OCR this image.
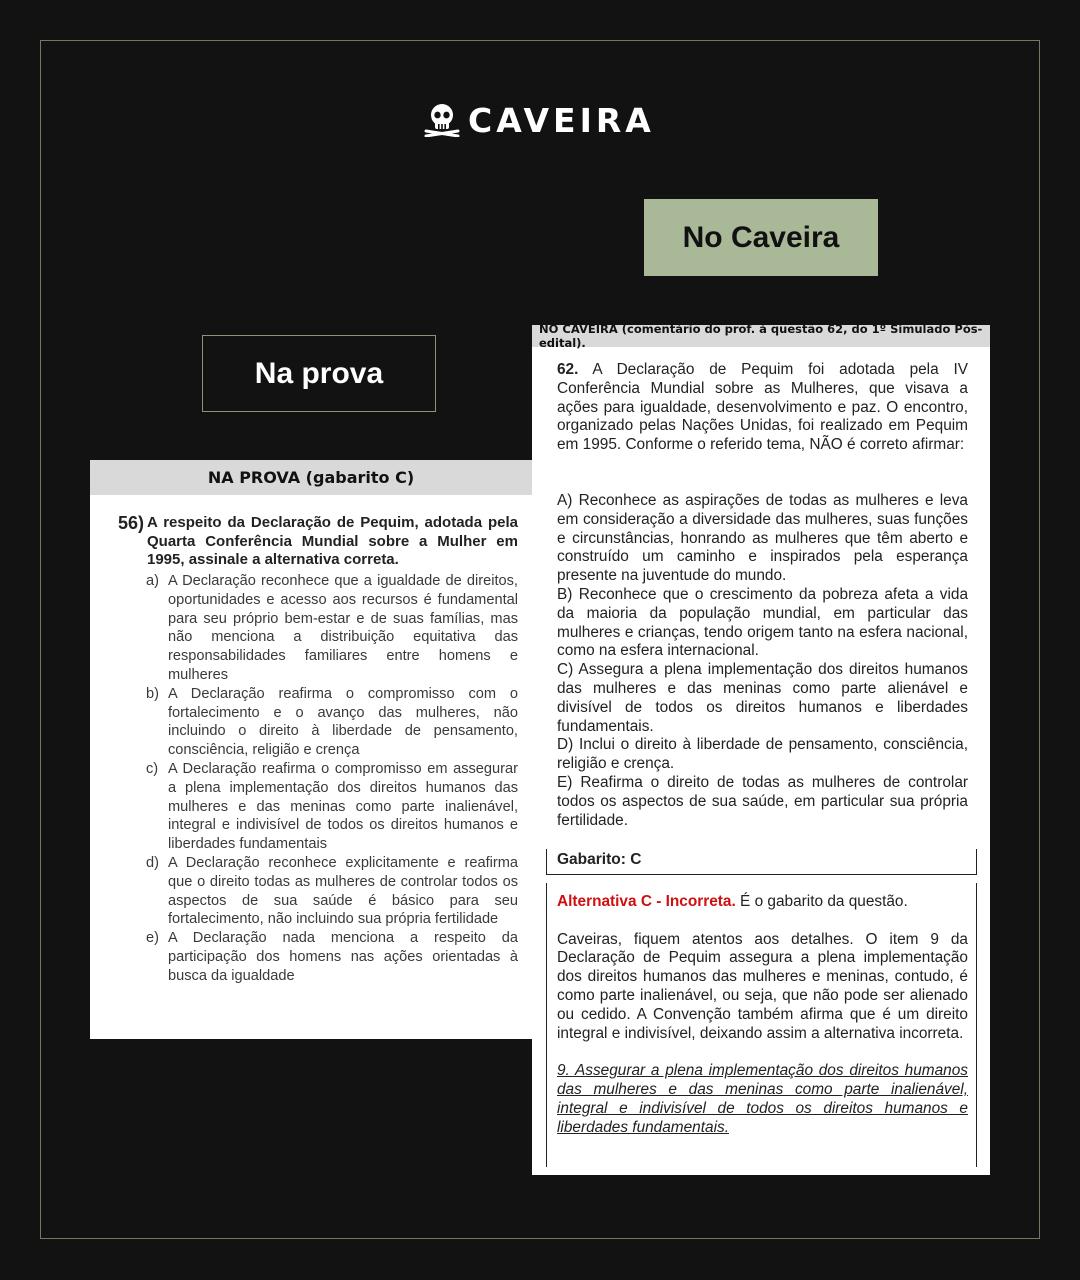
CAVEIRA
No Caveira
Na prova
NA PROVA (gabarito C)
56) A respeito da Declaração de Pequim, adotada pela Quarta Conferência Mundial sobre a Mulher em 1995, assinale a alternativa correta.
a) A Declaração reconhece que a igualdade de direitos, oportunidades e acesso aos recursos é fundamental para seu próprio bem-estar e de suas famílias, mas não menciona a distribuição equitativa das responsabilidades familiares entre homens e mulheres
b) A Declaração reafirma o compromisso com o fortalecimento e o avanço das mulheres, não incluindo o direito à liberdade de pensamento, consciência, religião e crença
c) A Declaração reafirma o compromisso em assegurar a plena implementação dos direitos humanos das mulheres e das meninas como parte inalienável, integral e indivisível de todos os direitos humanos e liberdades fundamentais
d) A Declaração reconhece explicitamente e reafirma que o direito todas as mulheres de controlar todos os aspectos de sua saúde é básico para seu fortalecimento, não incluindo sua própria fertilidade
e) A Declaração nada menciona a respeito da participação dos homens nas ações orientadas à busca da igualdade
NO CAVEIRA (comentário do prof. à questão 62, do 1º Simulado Pós-edital).

62. A Declaração de Pequim foi adotada pela IV Conferência Mundial sobre as Mulheres, que visava a ações para igualdade, desenvolvimento e paz. O encontro, organizado pelas Nações Unidas, foi realizado em Pequim em 1995. Conforme o referido tema, NÃO é correto afirmar:

A) Reconhece as aspirações de todas as mulheres e leva em consideração a diversidade das mulheres, suas funções e circunstâncias, honrando as mulheres que têm aberto e construído um caminho e inspirados pela esperança presente na juventude do mundo.

B) Reconhece que o crescimento da pobreza afeta a vida da maioria da população mundial, em particular das mulheres e crianças, tendo origem tanto na esfera nacional, como na esfera internacional.

C) Assegura a plena implementação dos direitos humanos das mulheres e das meninas como parte alienável e divisível de todos os direitos humanos e liberdades fundamentais.

D) Inclui o direito à liberdade de pensamento, consciência, religião e crença.

E) Reafirma o direito de todas as mulheres de controlar todos os aspectos de sua saúde, em particular sua própria fertilidade.

Gabarito: C

Alternativa C - Incorreta. É o gabarito da questão.

Caveiras, fiquem atentos aos detalhes. O item 9 da Declaração de Pequim assegura a plena implementação dos direitos humanos das mulheres e meninas, contudo, é como parte inalienável, ou seja, que não pode ser alienado ou cedido. A Convenção também afirma que é um direito integral e indivisível, deixando assim a alternativa incorreta.

9. Assegurar a plena implementação dos direitos humanos das mulheres e das meninas como parte inalienável, integral e indivisível de todos os direitos humanos e liberdades fundamentais.
